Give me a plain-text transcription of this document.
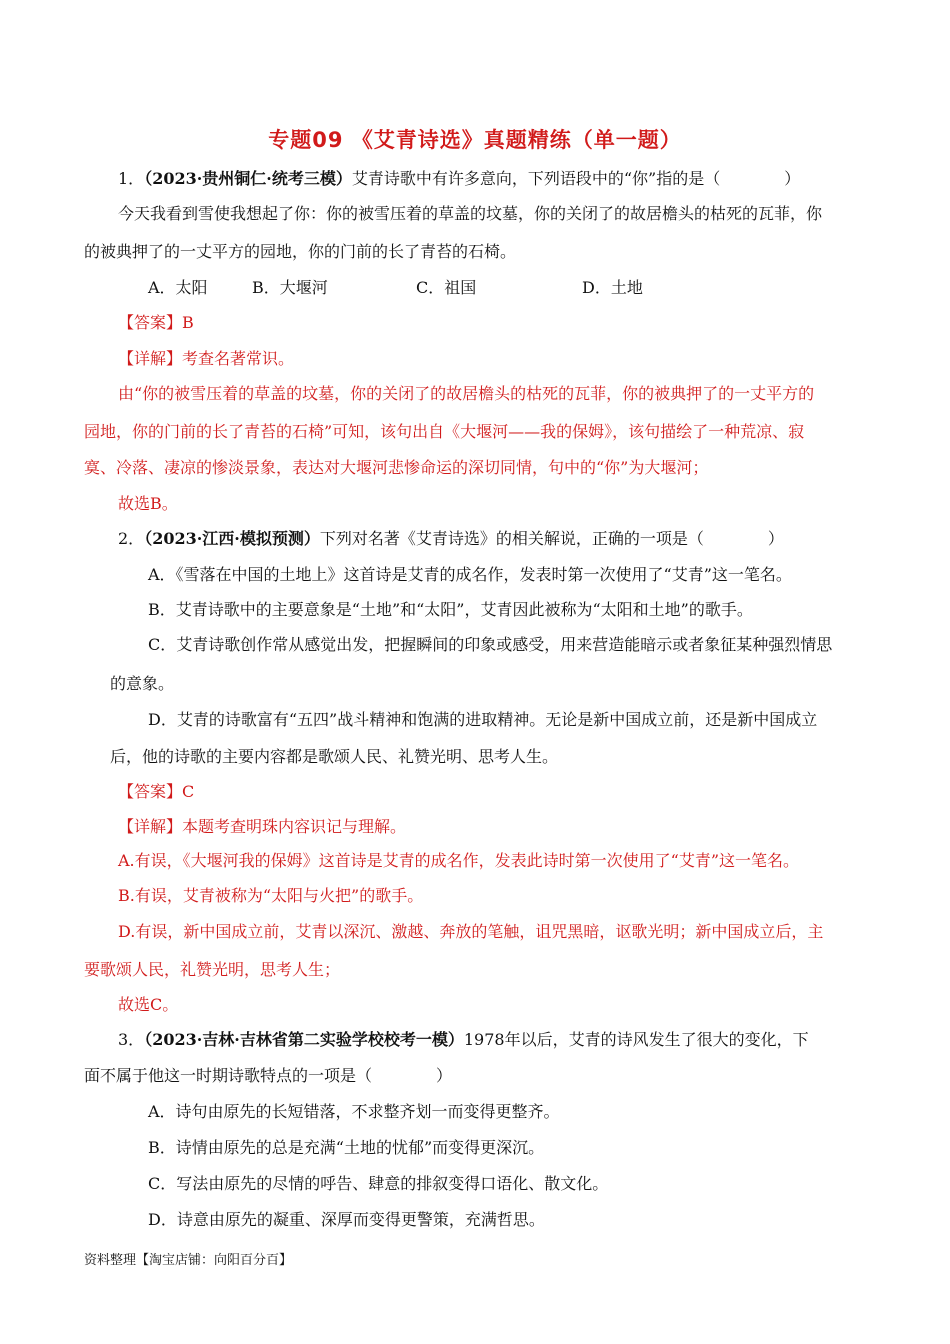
专题09 《艾青诗选》真题精练（单一题）
1．（2023·贵州铜仁·统考三模）艾青诗歌中有许多意向，下列语段中的“你”指的是（　　　　）
今天我看到雪使我想起了你：你的被雪压着的草盖的坟墓，你的关闭了的故居檐头的枯死的瓦菲，你
的被典押了的一丈平方的园地，你的门前的长了青苔的石椅。
A．太阳	B．大堰河	C．祖国	D．土地
【答案】B
【详解】考查名著常识。
由“你的被雪压着的草盖的坟墓，你的关闭了的故居檐头的枯死的瓦菲，你的被典押了的一丈平方的
园地，你的门前的长了青苔的石椅”可知，该句出自《大堰河——我的保姆》，该句描绘了一种荒凉、寂
寞、冷落、凄凉的惨淡景象，表达对大堰河悲惨命运的深切同情，句中的“你”为大堰河；
故选B。
2．（2023·江西·模拟预测）下列对名著《艾青诗选》的相关解说，正确的一项是（　　　　）
A．《雪落在中国的土地上》这首诗是艾青的成名作，发表时第一次使用了“艾青”这一笔名。
B．艾青诗歌中的主要意象是“土地”和“太阳”，艾青因此被称为“太阳和土地”的歌手。
C．艾青诗歌创作常从感觉出发，把握瞬间的印象或感受，用来营造能暗示或者象征某种强烈情思
的意象。
D．艾青的诗歌富有“五四”战斗精神和饱满的进取精神。无论是新中国成立前，还是新中国成立
后，他的诗歌的主要内容都是歌颂人民、礼赞光明、思考人生。
【答案】C
【详解】本题考查明珠内容识记与理解。
A.有误，《大堰河我的保姆》这首诗是艾青的成名作，发表此诗时第一次使用了“艾青”这一笔名。
B.有误，艾青被称为“太阳与火把”的歌手。
D.有误，新中国成立前，艾青以深沉、激越、奔放的笔触，诅咒黑暗，讴歌光明；新中国成立后，主
要歌颂人民，礼赞光明，思考人生；
故选C。
3．（2023·吉林·吉林省第二实验学校校考一模）1978年以后，艾青的诗风发生了很大的变化，下
面不属于他这一时期诗歌特点的一项是（　　　　）
A．诗句由原先的长短错落，不求整齐划一而变得更整齐。
B．诗情由原先的总是充满“土地的忧郁”而变得更深沉。
C．写法由原先的尽情的呼告、肆意的排叙变得口语化、散文化。
D．诗意由原先的凝重、深厚而变得更警策，充满哲思。
资料整理【淘宝店铺：向阳百分百】
